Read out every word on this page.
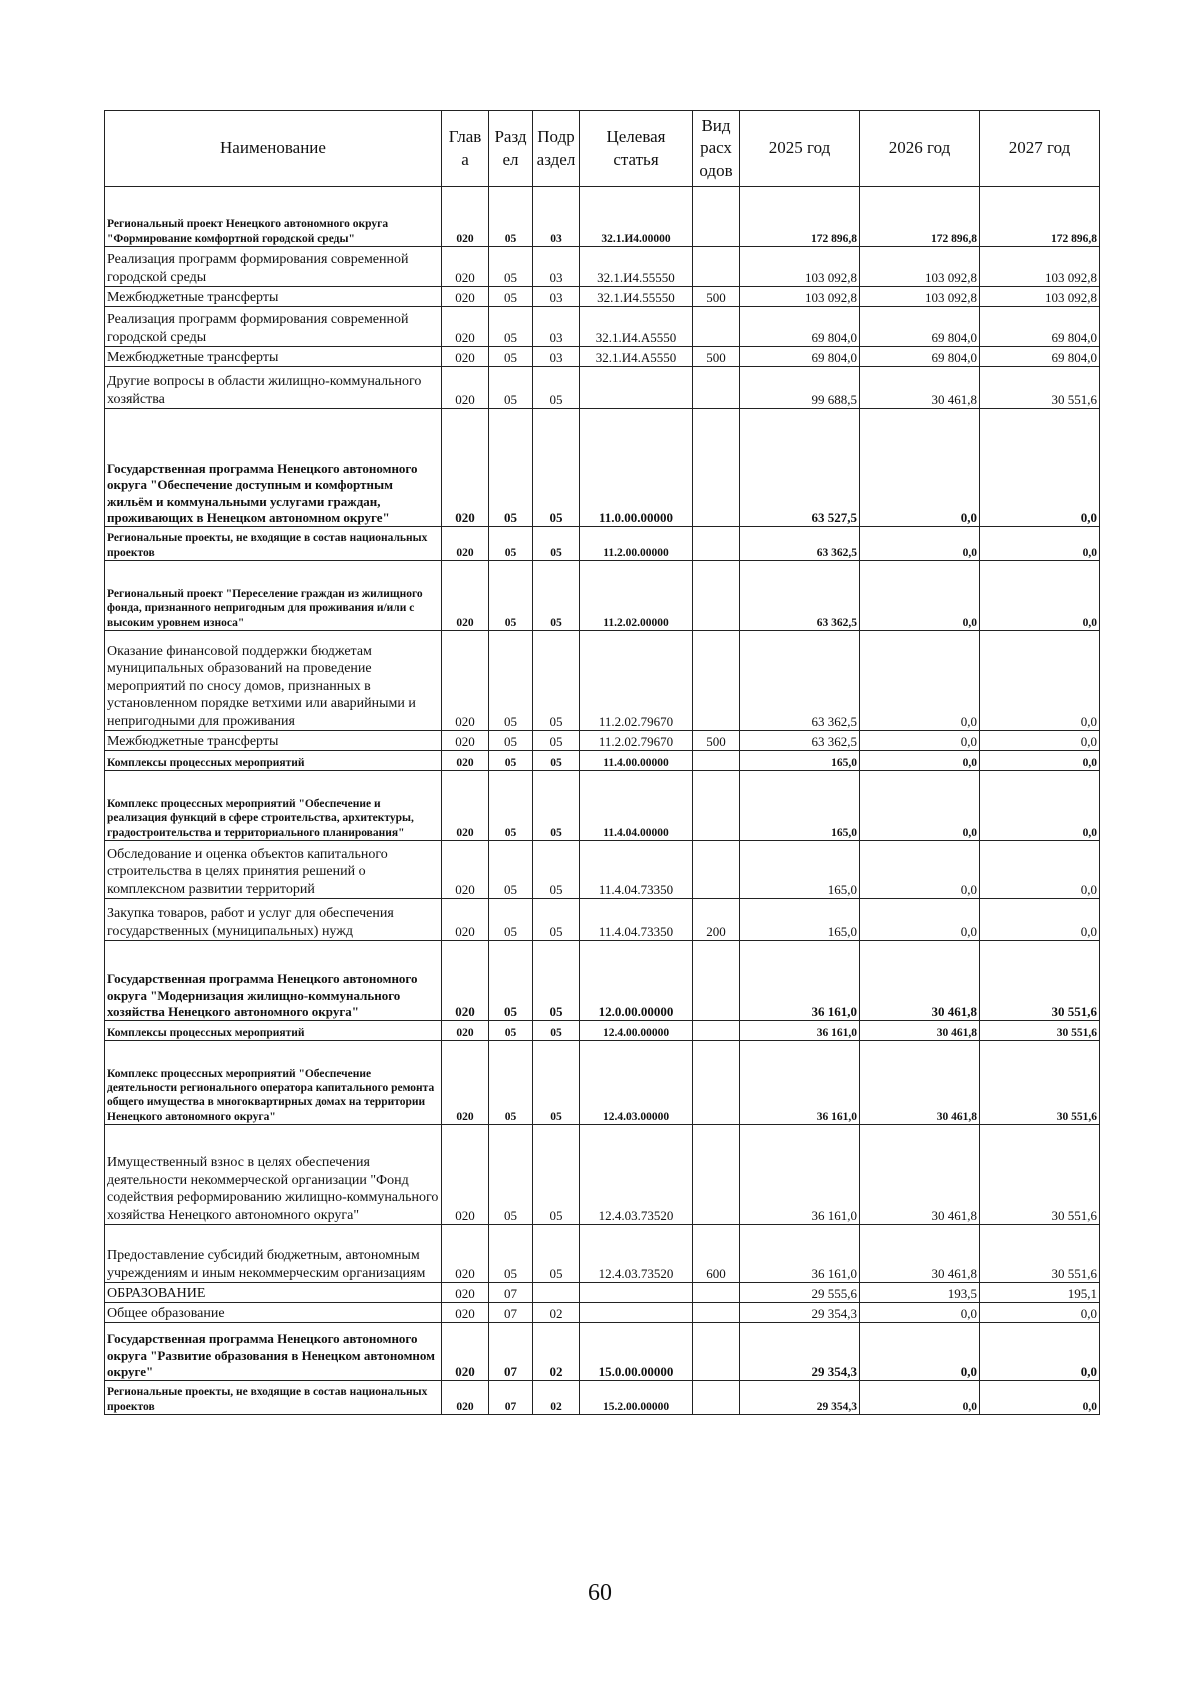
Наименование	Глав а	Разд ел	Подр аздел	Целевая статья	Вид расх одов	2025 год	2026 год	2027 год
Региональный проект Ненецкого автономного округа "Формирование комфортной городской среды"	020	05	03	32.1.И4.00000		172 896,8	172 896,8	172 896,8
Реализация программ формирования современной городской среды	020	05	03	32.1.И4.55550		103 092,8	103 092,8	103 092,8
Межбюджетные трансферты	020	05	03	32.1.И4.55550	500	103 092,8	103 092,8	103 092,8
Реализация программ формирования современной городской среды	020	05	03	32.1.И4.А5550		69 804,0	69 804,0	69 804,0
Межбюджетные трансферты	020	05	03	32.1.И4.А5550	500	69 804,0	69 804,0	69 804,0
Другие вопросы в области жилищно-коммунального хозяйства	020	05	05			99 688,5	30 461,8	30 551,6
Государственная программа Ненецкого автономного округа "Обеспечение доступным и комфортным жильём и коммунальными услугами граждан, проживающих в Ненецком автономном округе"	020	05	05	11.0.00.00000		63 527,5	0,0	0,0
Региональные проекты, не входящие в состав национальных проектов	020	05	05	11.2.00.00000		63 362,5	0,0	0,0
Региональный проект "Переселение граждан из жилищного фонда, признанного непригодным для проживания и/или с высоким уровнем износа"	020	05	05	11.2.02.00000		63 362,5	0,0	0,0
Оказание финансовой поддержки бюджетам муниципальных образований на проведение мероприятий по сносу домов, признанных в установленном порядке ветхими или аварийными и непригодными для проживания	020	05	05	11.2.02.79670		63 362,5	0,0	0,0
Межбюджетные трансферты	020	05	05	11.2.02.79670	500	63 362,5	0,0	0,0
Комплексы процессных мероприятий	020	05	05	11.4.00.00000		165,0	0,0	0,0
Комплекс процессных мероприятий "Обеспечение и реализация функций в сфере строительства, архитектуры, градостроительства и территориального планирования"	020	05	05	11.4.04.00000		165,0	0,0	0,0
Обследование и оценка объектов капитального строительства в целях принятия решений о комплексном развитии территорий	020	05	05	11.4.04.73350		165,0	0,0	0,0
Закупка товаров, работ и услуг для обеспечения государственных (муниципальных) нужд	020	05	05	11.4.04.73350	200	165,0	0,0	0,0
Государственная программа Ненецкого автономного округа "Модернизация жилищно-коммунального хозяйства Ненецкого автономного округа"	020	05	05	12.0.00.00000		36 161,0	30 461,8	30 551,6
Комплексы процессных мероприятий	020	05	05	12.4.00.00000		36 161,0	30 461,8	30 551,6
Комплекс процессных мероприятий "Обеспечение деятельности регионального оператора капитального ремонта общего имущества в многоквартирных домах на территории Ненецкого автономного округа"	020	05	05	12.4.03.00000		36 161,0	30 461,8	30 551,6
Имущественный взнос в целях обеспечения деятельности некоммерческой организации "Фонд содействия реформированию жилищно-коммунального хозяйства Ненецкого автономного округа"	020	05	05	12.4.03.73520		36 161,0	30 461,8	30 551,6
Предоставление субсидий бюджетным, автономным учреждениям и иным некоммерческим организациям	020	05	05	12.4.03.73520	600	36 161,0	30 461,8	30 551,6
ОБРАЗОВАНИЕ	020	07				29 555,6	193,5	195,1
Общее образование	020	07	02			29 354,3	0,0	0,0
Государственная программа Ненецкого автономного округа "Развитие образования в Ненецком автономном округе"	020	07	02	15.0.00.00000		29 354,3	0,0	0,0
Региональные проекты, не входящие в состав национальных проектов	020	07	02	15.2.00.00000		29 354,3	0,0	0,0
60
